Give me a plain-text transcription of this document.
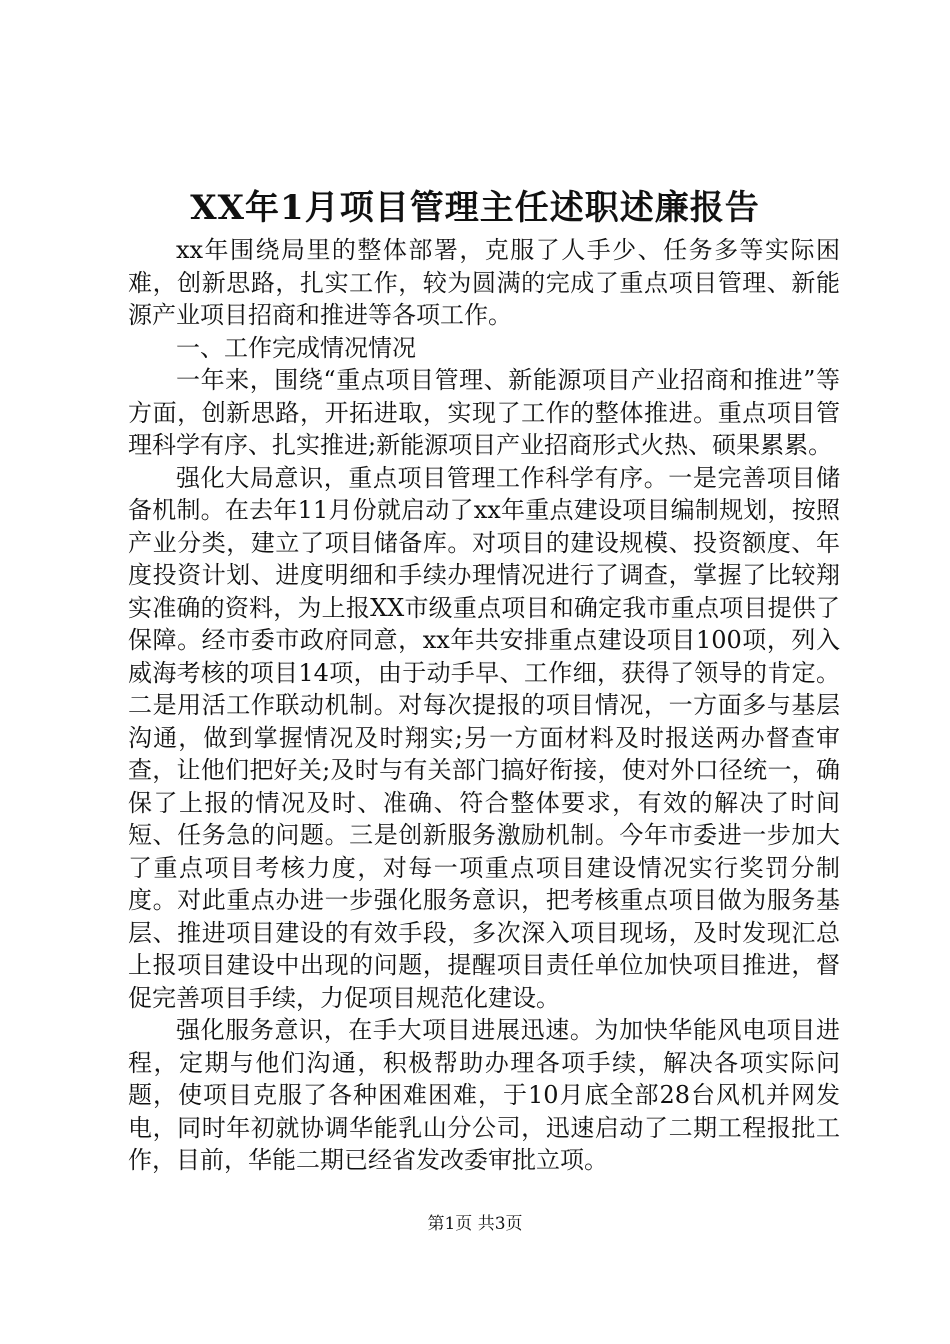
XX年1月项目管理主任述职述廉报告

xx年围绕局里的整体部署，克服了人手少、任务多等实际困难，创新思路，扎实工作，较为圆满的完成了重点项目管理、新能源产业项目招商和推进等各项工作。

一、工作完成情况情况

一年来，围绕“重点项目管理、新能源项目产业招商和推进”等方面，创新思路，开拓进取，实现了工作的整体推进。重点项目管理科学有序、扎实推进;新能源项目产业招商形式火热、硕果累累。

强化大局意识，重点项目管理工作科学有序。一是完善项目储备机制。在去年11月份就启动了xx年重点建设项目编制规划，按照产业分类，建立了项目储备库。对项目的建设规模、投资额度、年度投资计划、进度明细和手续办理情况进行了调查，掌握了比较翔实准确的资料，为上报XX市级重点项目和确定我市重点项目提供了保障。经市委市政府同意，xx年共安排重点建设项目100项，列入威海考核的项目14项，由于动手早、工作细，获得了领导的肯定。二是用活工作联动机制。对每次提报的项目情况，一方面多与基层沟通，做到掌握情况及时翔实;另一方面材料及时报送两办督查审查，让他们把好关;及时与有关部门搞好衔接，使对外口径统一，确保了上报的情况及时、准确、符合整体要求，有效的解决了时间短、任务急的问题。三是创新服务激励机制。今年市委进一步加大了重点项目考核力度，对每一项重点项目建设情况实行奖罚分制度。对此重点办进一步强化服务意识，把考核重点项目做为服务基层、推进项目建设的有效手段，多次深入项目现场，及时发现汇总上报项目建设中出现的问题，提醒项目责任单位加快项目推进，督促完善项目手续，力促项目规范化建设。

强化服务意识，在手大项目进展迅速。为加快华能风电项目进程，定期与他们沟通，积极帮助办理各项手续，解决各项实际问题，使项目克服了各种困难困难，于10月底全部28台风机并网发电，同时年初就协调华能乳山分公司，迅速启动了二期工程报批工作，目前，华能二期已经省发改委审批立项。

第1页 共3页
